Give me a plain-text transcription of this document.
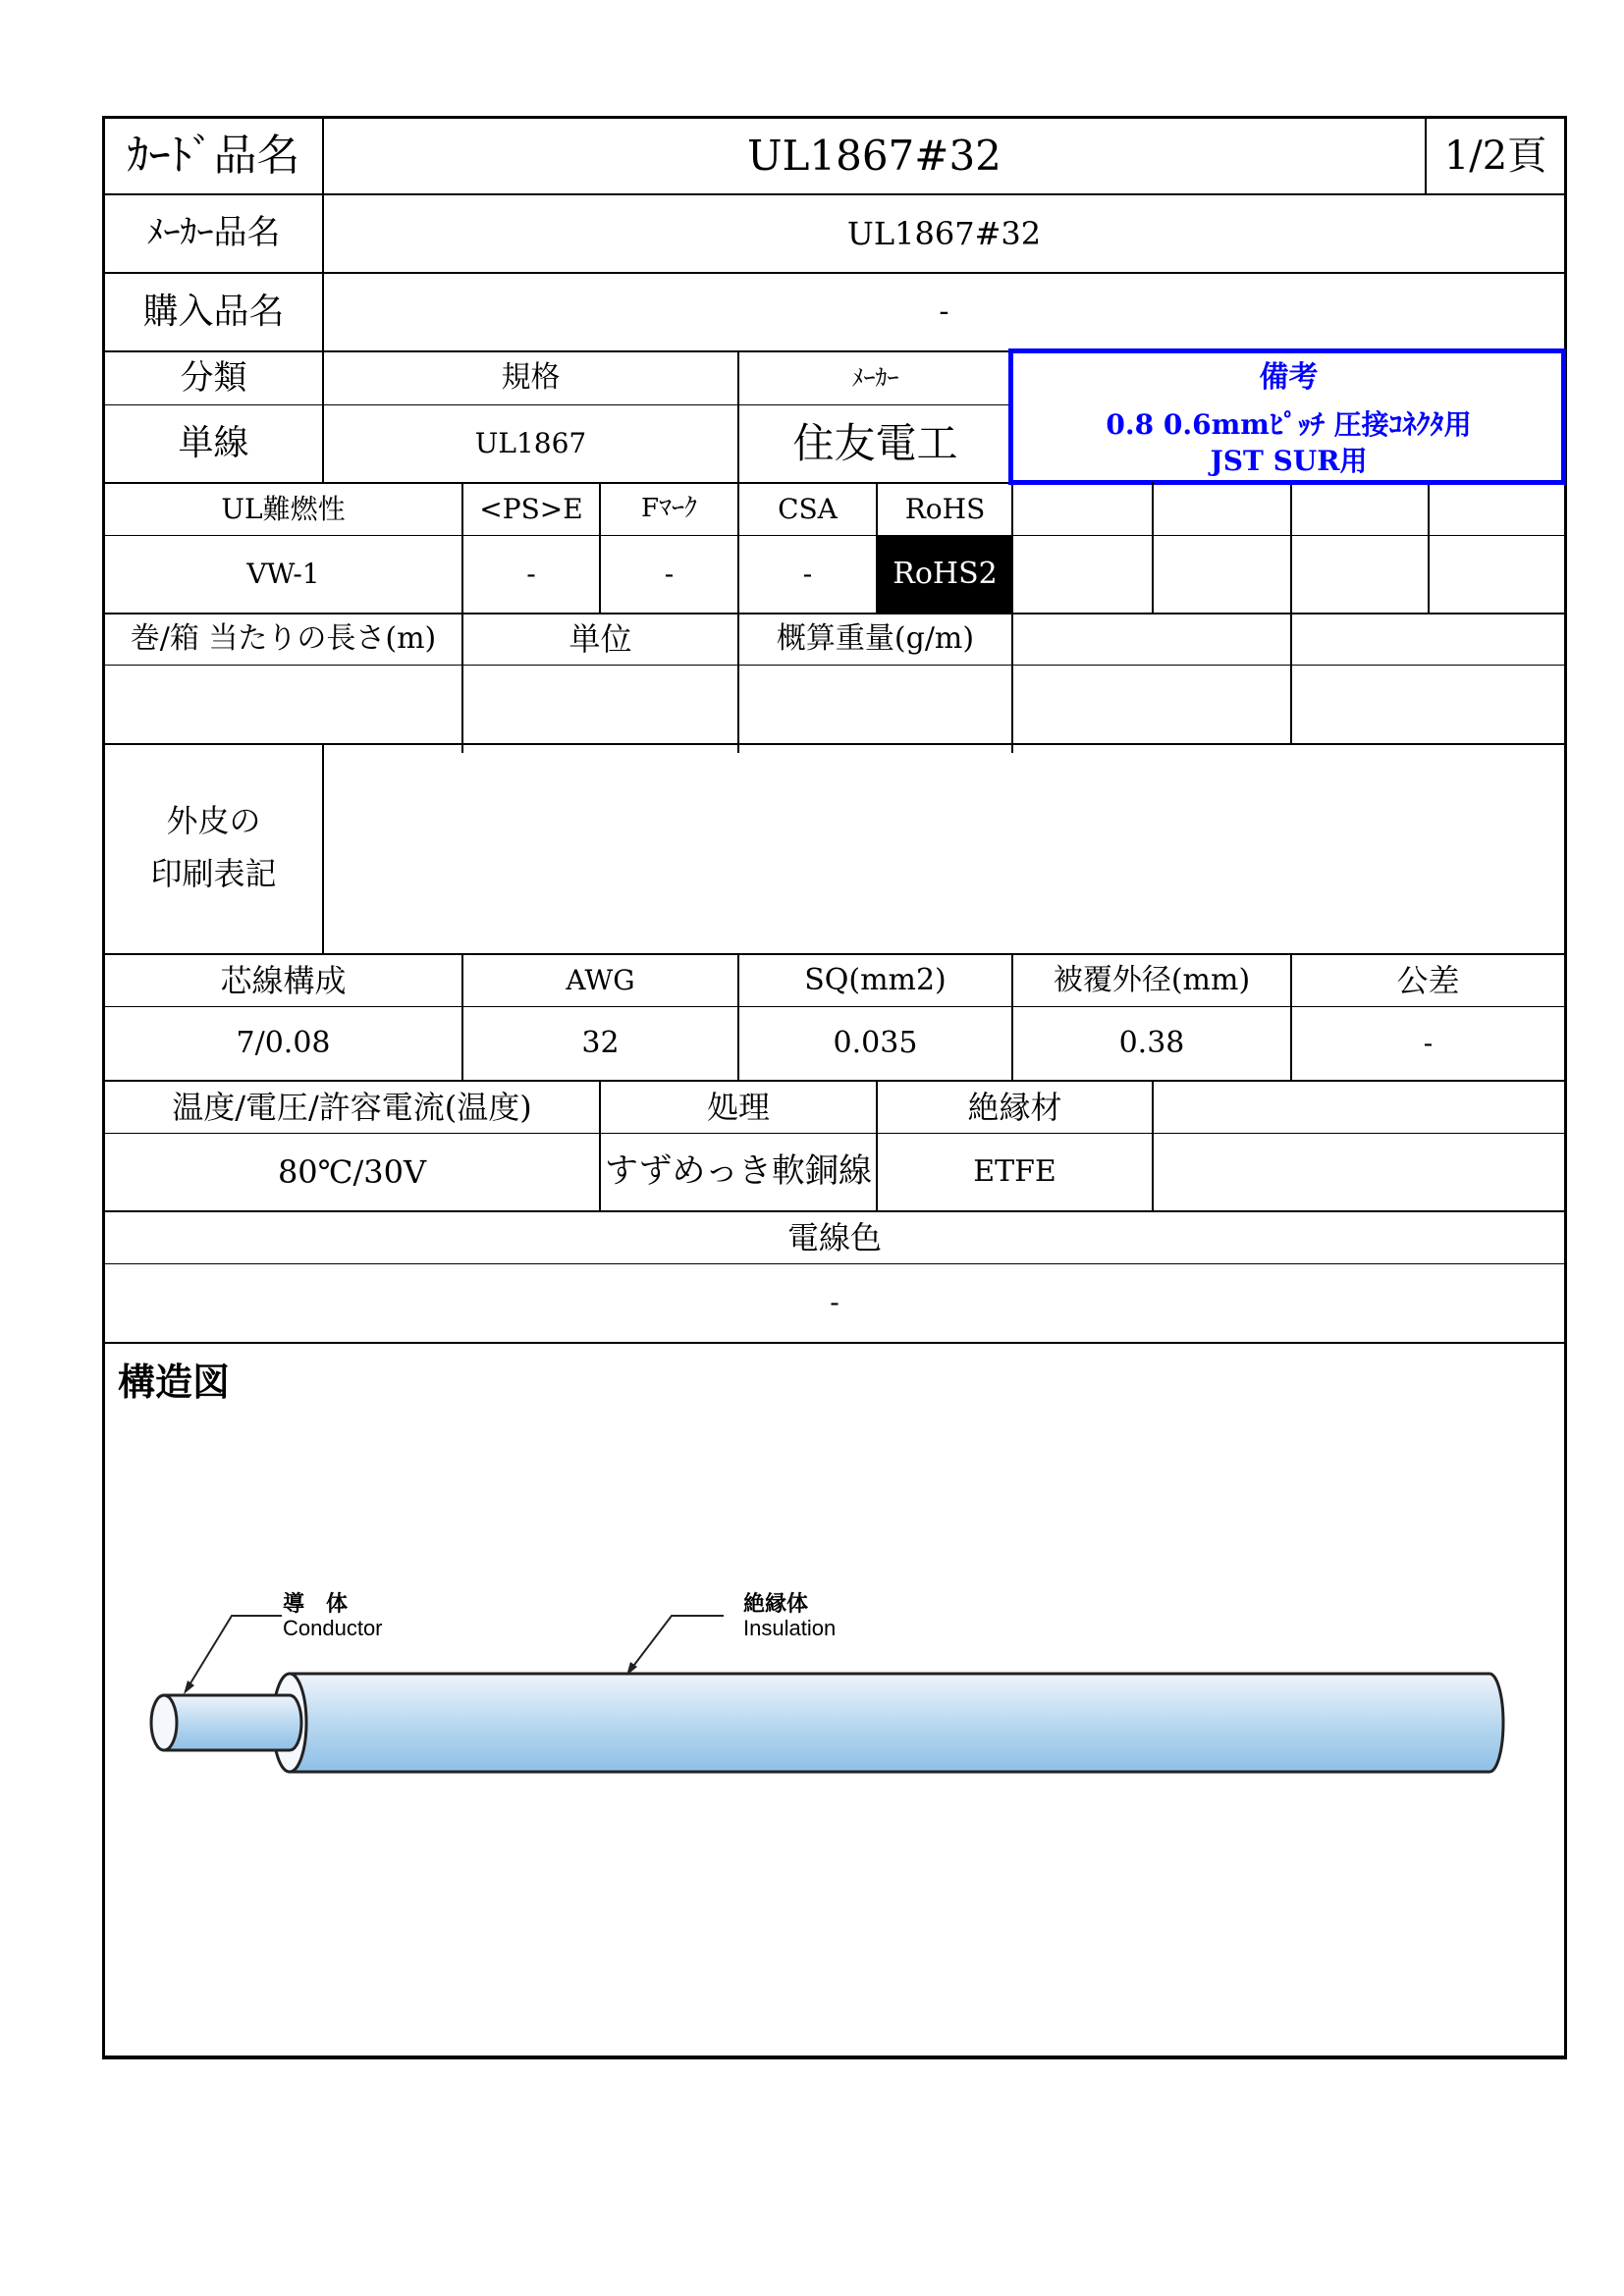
ｶｰﾄﾞ品名	UL1867#32	1/2頁
ﾒｰｶｰ品名	UL1867#32
購入品名	-
分類	規格	ﾒｰｶｰ	備考
単線	UL1867	住友電工	0.8 0.6mmﾋﾟｯﾁ 圧接ｺﾈｸﾀ用
JST SUR用
UL難燃性	<PS>E	Fﾏｰｸ	CSA	RoHS
VW-1	-	-	-	RoHS2
巻/箱 当たりの長さ(m)	単位	概算重量(g/m)
外皮の
印刷表記
芯線構成	AWG	SQ(mm2)	被覆外径(mm)	公差
7/0.08	32	0.035	0.38	-
温度/電圧/許容電流(温度)	処理	絶縁材
80℃/30V	すずめっき軟銅線	ETFE
電線色
-
構造図
導　体
Conductor
絶縁体
Insulation
